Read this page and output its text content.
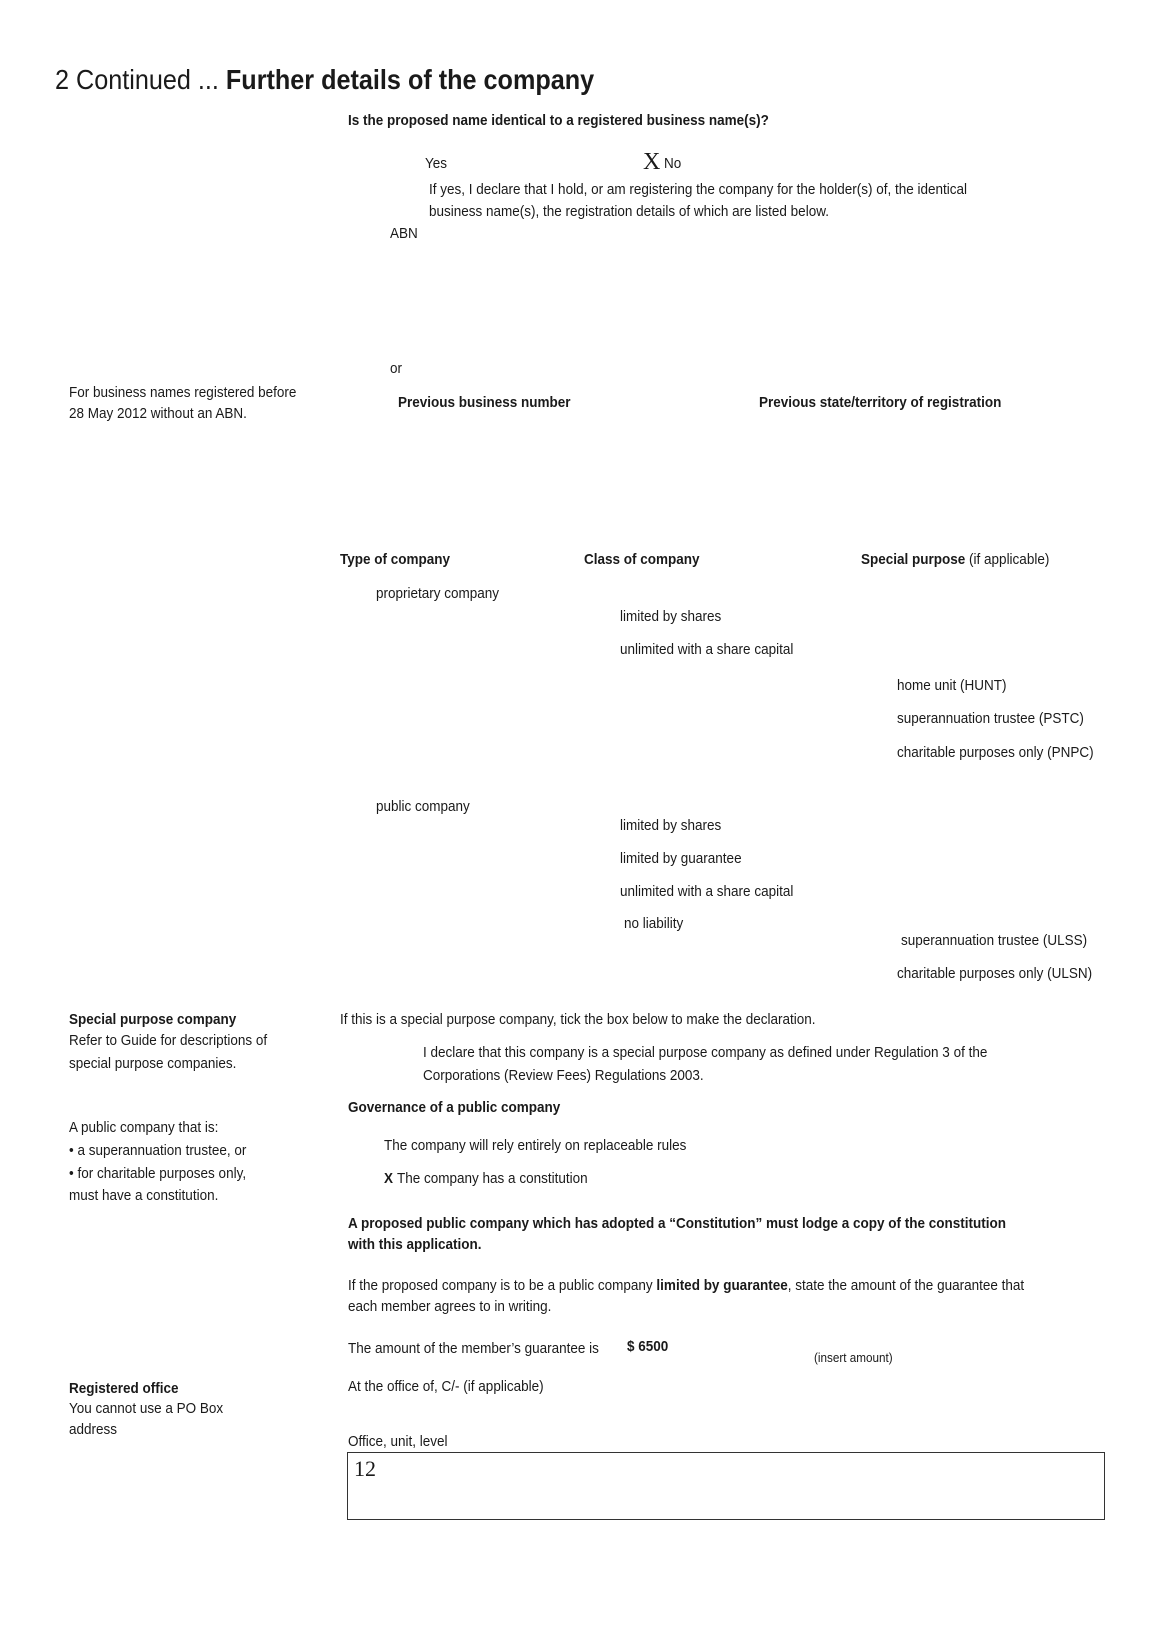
2 Continued ... Further details of the company
Is the proposed name identical to a registered business name(s)?
Yes	X No
If yes, I declare that I hold, or am registering the company for the holder(s) of, the identical
business name(s), the registration details of which are listed below.
ABN
or
For business names registered before
28 May 2012 without an ABN.
Previous business number	Previous state/territory of registration
Type of company	Class of company	Special purpose (if applicable)
proprietary company
limited by shares
unlimited with a share capital
home unit (HUNT)
superannuation trustee (PSTC)
charitable purposes only (PNPC)
public company
limited by shares
limited by guarantee
unlimited with a share capital
no liability
superannuation trustee (ULSS)
charitable purposes only (ULSN)
Special purpose company
Refer to Guide for descriptions of
special purpose companies.
If this is a special purpose company, tick the box below to make the declaration.
I declare that this company is a special purpose company as defined under Regulation 3 of the
Corporations (Review Fees) Regulations 2003.
Governance of a public company
A public company that is:
• a superannuation trustee, or
• for charitable purposes only,
must have a constitution.
The company will rely entirely on replaceable rules
X The company has a constitution
A proposed public company which has adopted a “Constitution” must lodge a copy of the constitution
with this application.
If the proposed company is to be a public company limited by guarantee, state the amount of the guarantee that
each member agrees to in writing.
The amount of the member’s guarantee is $ 6500
(insert amount)
Registered office
You cannot use a PO Box
address
At the office of, C/- (if applicable)
Office, unit, level
12
